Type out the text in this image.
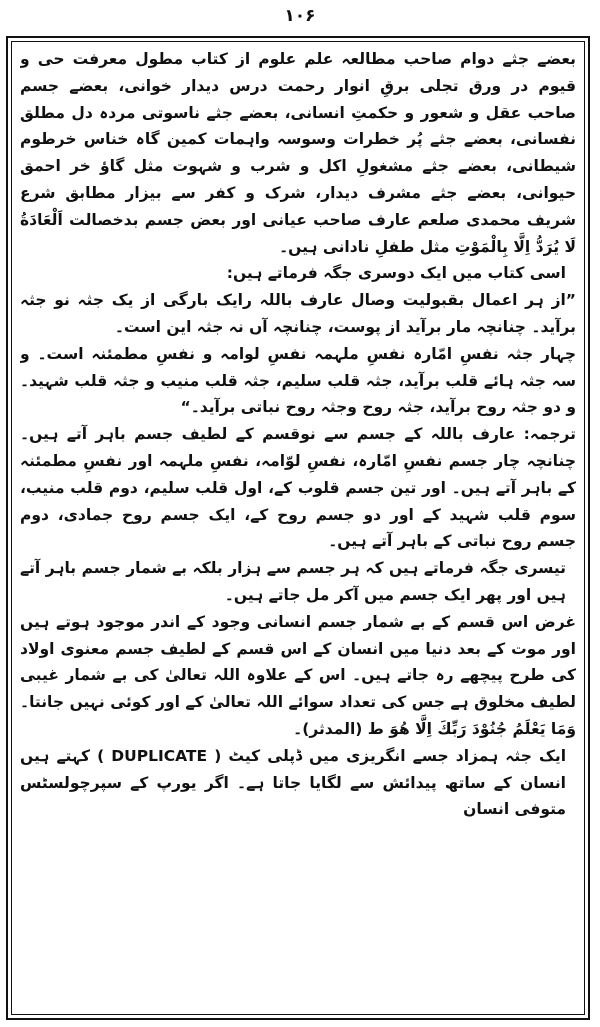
۱۰۶

بعضے جثے دوام صاحب مطالعہ علم علوم از کتاب مطول معرفت حی و قیوم در ورق تجلی برقِ انوار رحمت درس دیدار خوانی، بعضے جسم صاحب عقل و شعور و حکمتِ انسانی، بعضے جثے ناسوتی مردہ دل مطلق نفسانی، بعضے جثے پُر خطرات وسوسہ واہمات کمین گاہ خناس خرطوم شیطانی، بعضے جثے مشغولِ اکل و شرب و شہوت مثل گاؤ خر احمق حیوانی، بعضے جثے مشرف دیدار، شرک و کفر سے بیزار مطابق شرع شریف محمدی صلعم عارف صاحب عیانی اور بعض جسم بدخصالت اَلْعَادَةُ لَا يُرَدُّ اِلَّا بِالْمَوْتِ مثل طفلِ نادانی ہیں۔

اسی کتاب میں ایک دوسری جگہ فرماتے ہیں:

”از ہر اعمال بقبولیت وصال عارف باللہ رایک بارگی از یک جثہ نو جثہ برآید۔ چنانچہ مار برآید از پوست، چنانچہ آں نہ جثہ این است۔

چہار جثہ نفسِ امّارہ نفسِ ملہمہ نفسِ لوامہ و نفسِ مطمئنہ است۔ و سہ جثہ ہائے قلب برآید، جثہ قلب سلیم، جثہ قلب منیب و جثہ قلب شہید۔ و دو جثہ روح برآید، جثہ روح وجثہ روح نباتی برآید۔“

ترجمہ: عارف باللہ کے جسم سے نوقسم کے لطیف جسم باہر آتے ہیں۔ چنانچہ چار جسم نفسِ امّارہ، نفسِ لوّامہ، نفسِ ملہمہ اور نفسِ مطمئنہ کے باہر آتے ہیں۔ اور تین جسم قلوب کے، اول قلب سلیم، دوم قلب منیب، سوم قلب شہید کے اور دو جسم روح کے، ایک جسم روح جمادی، دوم جسم روح نباتی کے باہر آتے ہیں۔

تیسری جگہ فرماتے ہیں کہ ہر جسم سے ہزار بلکہ بے شمار جسم باہر آتے ہیں اور پھر ایک جسم میں آکر مل جاتے ہیں۔

غرض اس قسم کے بے شمار جسم انسانی وجود کے اندر موجود ہوتے ہیں اور موت کے بعد دنیا میں انسان کے اس قسم کے لطیف جسم معنوی اولاد کی طرح پیچھے رہ جاتے ہیں۔ اس کے علاوہ اللہ تعالیٰ کی بے شمار غیبی لطیف مخلوق ہے جس کی تعداد سوائے اللہ تعالیٰ کے اور کوئی نہیں جانتا۔ وَمَا يَعْلَمُ جُنُوْدَ رَبِّكَ اِلَّا هُوَ ط (المدثر)۔

ایک جثہ ہمزاد جسے انگریزی میں ڈپلی کیٹ ( DUPLICATE ) کہتے ہیں انسان کے ساتھ پیدائش سے لگایا جاتا ہے۔ اگر یورپ کے سپرچولسٹس متوفی انسان
